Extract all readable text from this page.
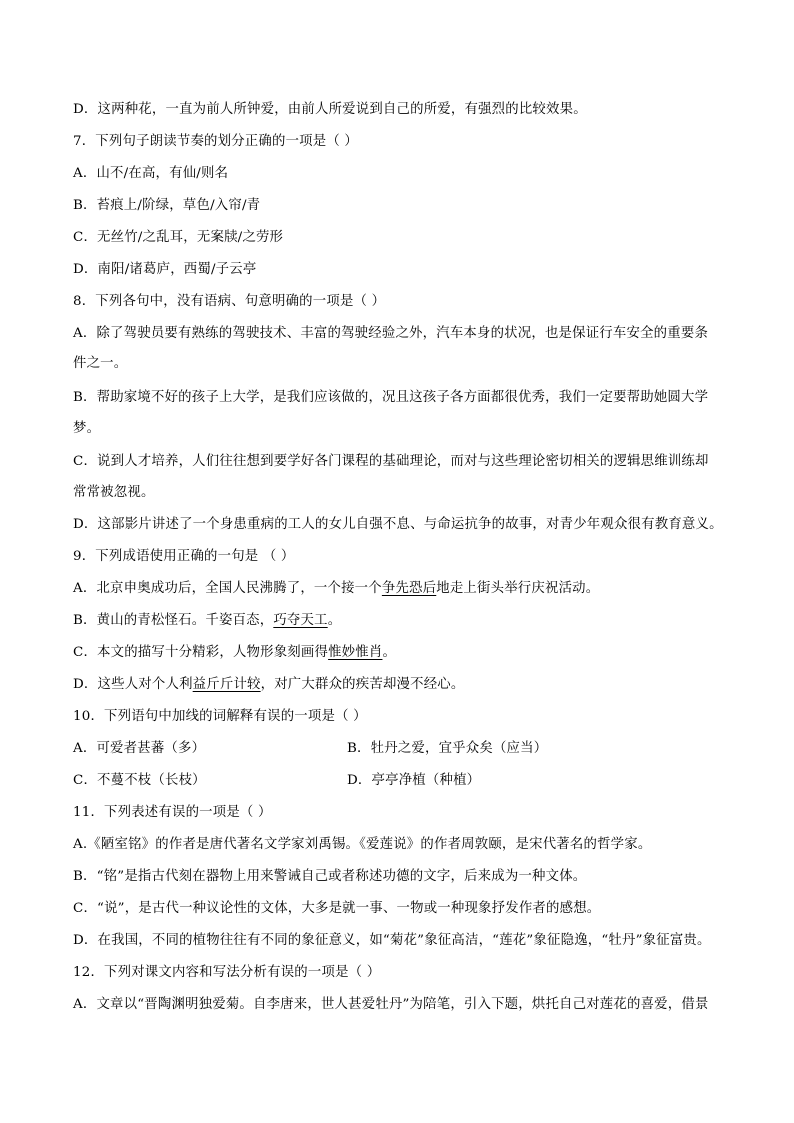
D．这两种花，一直为前人所钟爱，由前人所爱说到自己的所爱，有强烈的比较效果。
7．下列句子朗读节奏的划分正确的一项是（ ）
A．山不/在高，有仙/则名
B．苔痕上/阶绿，草色/入帘/青
C．无丝竹/之乱耳，无案牍/之劳形
D．南阳/诸葛庐，西蜀/子云亭
8．下列各句中，没有语病、句意明确的一项是（ ）
A．除了驾驶员要有熟练的驾驶技术、丰富的驾驶经验之外，汽车本身的状况，也是保证行车安全的重要条
件之一。
B．帮助家境不好的孩子上大学，是我们应该做的，况且这孩子各方面都很优秀，我们一定要帮助她圆大学
梦。
C．说到人才培养，人们往往想到要学好各门课程的基础理论，而对与这些理论密切相关的逻辑思维训练却
常常被忽视。
D．这部影片讲述了一个身患重病的工人的女儿自强不息、与命运抗争的故事，对青少年观众很有教育意义。
9．下列成语使用正确的一句是 （ ）
A．北京申奥成功后，全国人民沸腾了，一个接一个争先恐后地走上街头举行庆祝活动。
B．黄山的青松怪石。千姿百态，巧夺天工。
C．本文的描写十分精彩，人物形象刻画得惟妙惟肖。
D．这些人对个人利益斤斤计较，对广大群众的疾苦却漫不经心。
10．下列语句中加线的词解释有误的一项是（ ）
A．可爱者甚蕃（多）	B．牡丹之爱，宜乎众矣（应当）
C．不蔓不枝（长枝）	D．亭亭净植（种植）
11．下列表述有误的一项是（ ）
A.《陋室铭》的作者是唐代著名文学家刘禹锡。《爱莲说》的作者周敦颐，是宋代著名的哲学家。
B．“铭”是指古代刻在器物上用来警诫自己或者称述功德的文字，后来成为一种文体。
C．“说”，是古代一种议论性的文体，大多是就一事、一物或一种现象抒发作者的感想。
D．在我国，不同的植物往往有不同的象征意义，如“菊花”象征高洁，“莲花”象征隐逸，“牡丹”象征富贵。
12．下列对课文内容和写法分析有误的一项是（ ）
A．文章以“晋陶渊明独爱菊。自李唐来，世人甚爱牡丹”为陪笔，引入下题，烘托自己对莲花的喜爱，借景
